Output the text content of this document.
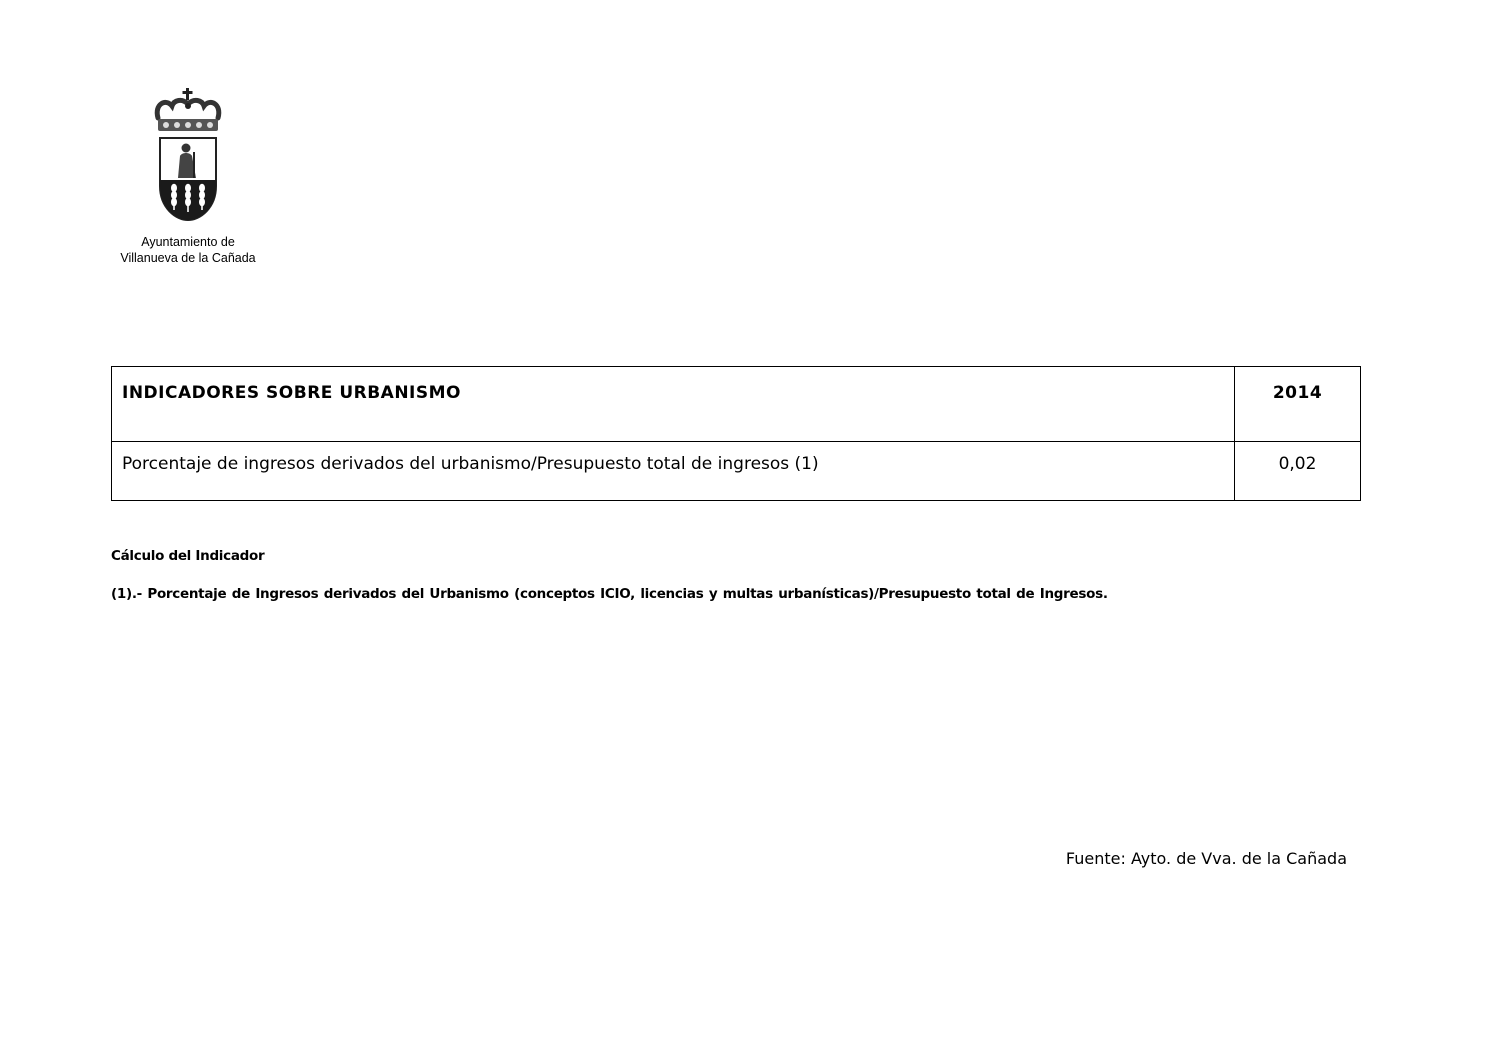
Ayuntamiento de
Villanueva de la Cañada
INDICADORES SOBRE URBANISMO	2014
Porcentaje de ingresos derivados del urbanismo/Presupuesto total de ingresos (1)	0,02
Cálculo del Indicador
(1).- Porcentaje de Ingresos derivados del Urbanismo (conceptos ICIO, licencias y multas urbanísticas)/Presupuesto total de Ingresos.
Fuente: Ayto. de Vva. de la Cañada
